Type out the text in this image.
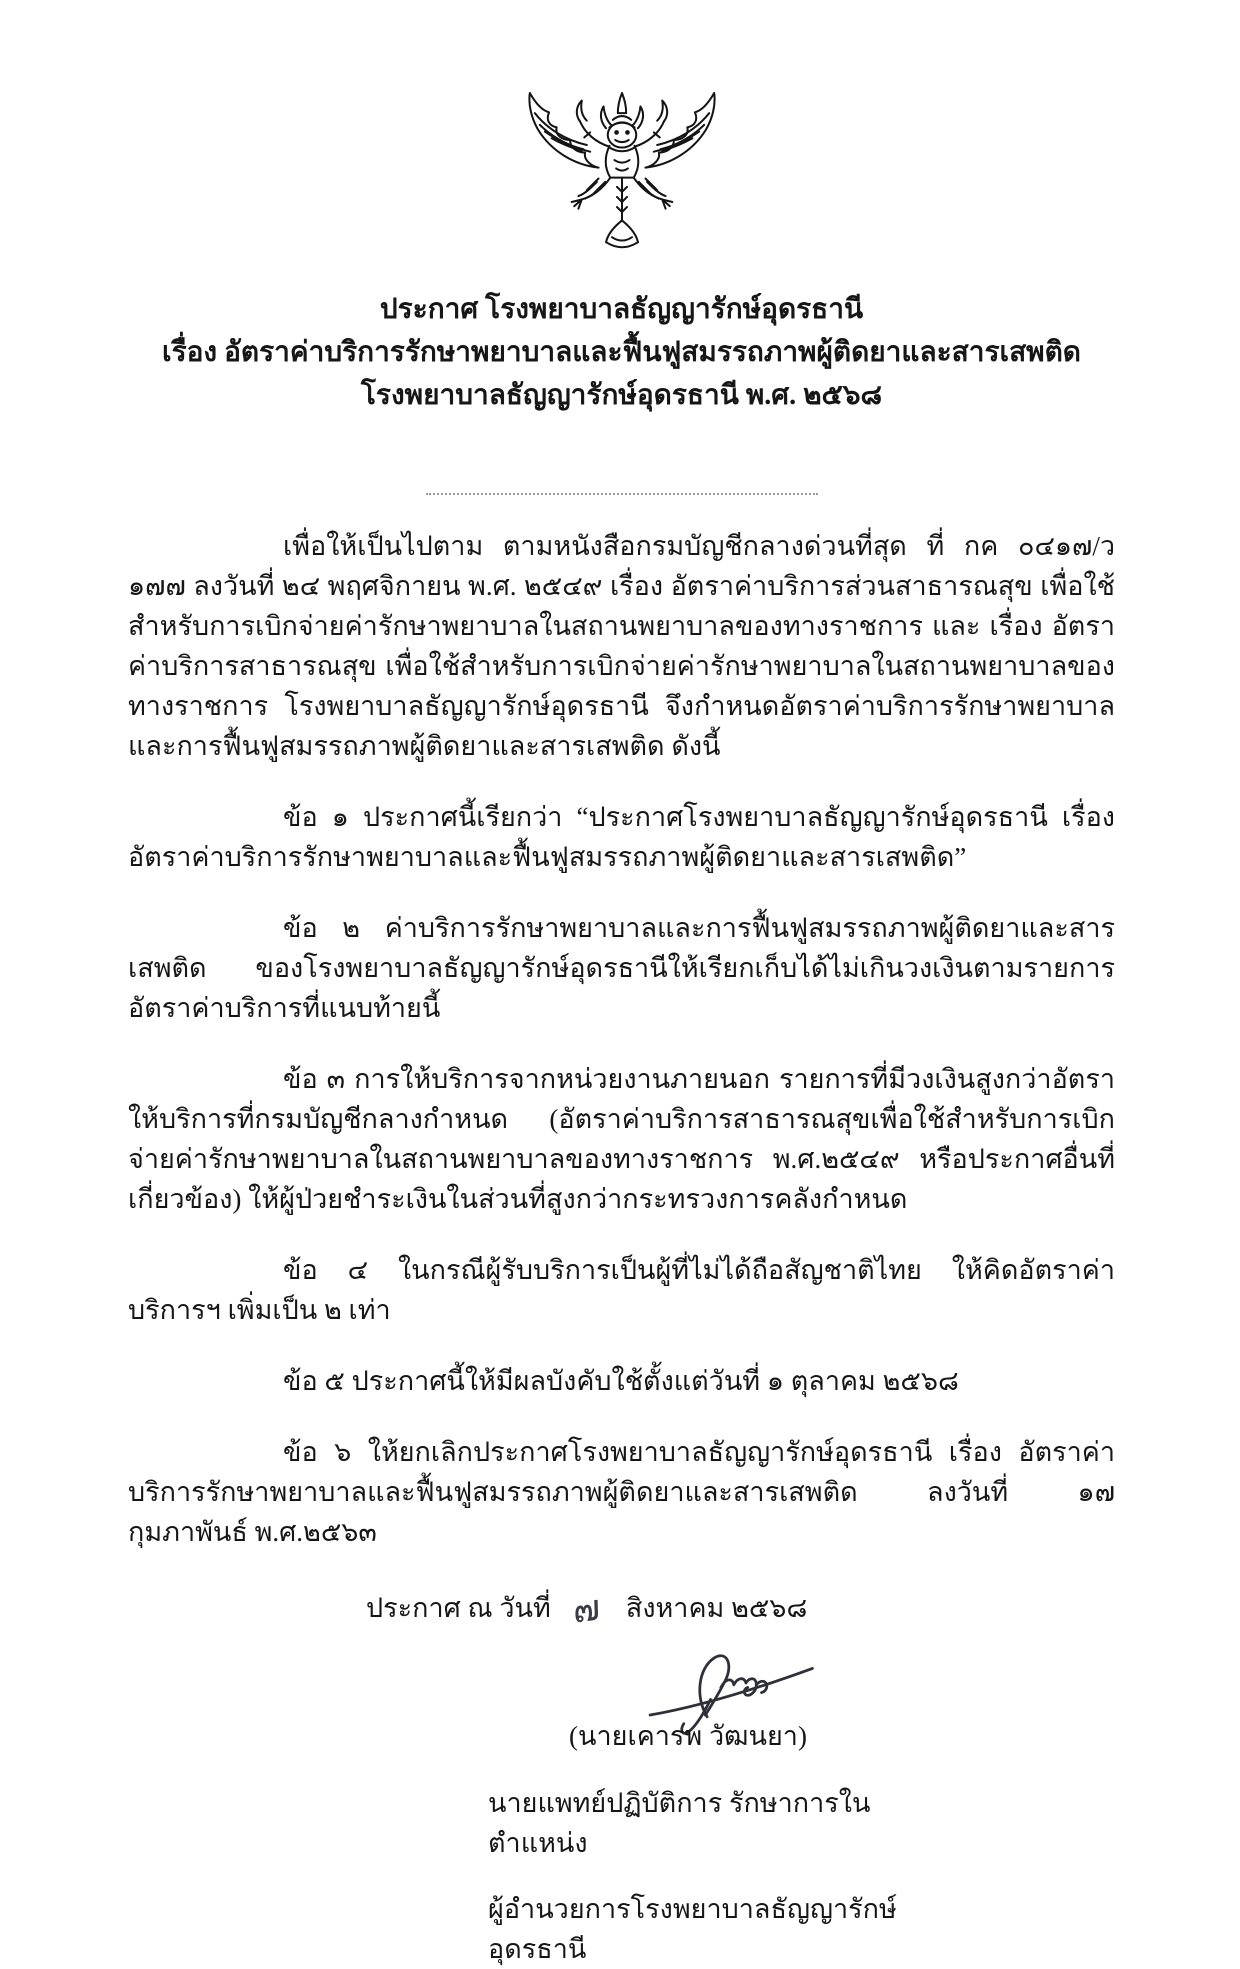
ประกาศ โรงพยาบาลธัญญารักษ์อุดรธานี
เรื่อง อัตราค่าบริการรักษาพยาบาลและฟื้นฟูสมรรถภาพผู้ติดยาและสารเสพติด
โรงพยาบาลธัญญารักษ์อุดรธานี พ.ศ. ๒๕๖๘

เพื่อให้เป็นไปตาม ตามหนังสือกรมบัญชีกลางด่วนที่สุด ที่ กค ๐๔๑๗/ว ๑๗๗ ลงวันที่ ๒๔ พฤศจิกายน พ.ศ. ๒๕๔๙ เรื่อง อัตราค่าบริการส่วนสาธารณสุข เพื่อใช้สำหรับการเบิกจ่ายค่ารักษาพยาบาลในสถานพยาบาลของทางราชการ และ เรื่อง อัตราค่าบริการสาธารณสุข เพื่อใช้สำหรับการเบิกจ่ายค่ารักษาพยาบาลในสถานพยาบาลของทางราชการ โรงพยาบาลธัญญารักษ์อุดรธานี จึงกำหนดอัตราค่าบริการรักษาพยาบาลและการฟื้นฟูสมรรถภาพผู้ติดยาและสารเสพติด ดังนี้

ข้อ ๑ ประกาศนี้เรียกว่า “ประกาศโรงพยาบาลธัญญารักษ์อุดรธานี เรื่อง อัตราค่าบริการรักษาพยาบาลและฟื้นฟูสมรรถภาพผู้ติดยาและสารเสพติด”

ข้อ ๒ ค่าบริการรักษาพยาบาลและการฟื้นฟูสมรรถภาพผู้ติดยาและสารเสพติด ของโรงพยาบาลธัญญารักษ์อุดรธานีให้เรียกเก็บได้ไม่เกินวงเงินตามรายการอัตราค่าบริการที่แนบท้ายนี้

ข้อ ๓ การให้บริการจากหน่วยงานภายนอก รายการที่มีวงเงินสูงกว่าอัตราให้บริการที่กรมบัญชีกลางกำหนด (อัตราค่าบริการสาธารณสุขเพื่อใช้สำหรับการเบิกจ่ายค่ารักษาพยาบาลในสถานพยาบาลของทางราชการ พ.ศ.๒๕๔๙ หรือประกาศอื่นที่เกี่ยวข้อง) ให้ผู้ป่วยชำระเงินในส่วนที่สูงกว่ากระทรวงการคลังกำหนด

ข้อ ๔ ในกรณีผู้รับบริการเป็นผู้ที่ไม่ได้ถือสัญชาติไทย ให้คิดอัตราค่าบริการฯ เพิ่มเป็น ๒ เท่า

ข้อ ๕ ประกาศนี้ให้มีผลบังคับใช้ตั้งแต่วันที่ ๑ ตุลาคม ๒๕๖๘

ข้อ ๖ ให้ยกเลิกประกาศโรงพยาบาลธัญญารักษ์อุดรธานี เรื่อง อัตราค่าบริการรักษาพยาบาลและฟื้นฟูสมรรถภาพผู้ติดยาและสารเสพติด ลงวันที่ ๑๗ กุมภาพันธ์ พ.ศ.๒๕๖๓

ประกาศ ณ วันที่ ๗ สิงหาคม ๒๕๖๘
(นายเคารพ วัฒนยา)
นายแพทย์ปฏิบัติการ รักษาการในตำแหน่ง
ผู้อำนวยการโรงพยาบาลธัญญารักษ์อุดรธานี
